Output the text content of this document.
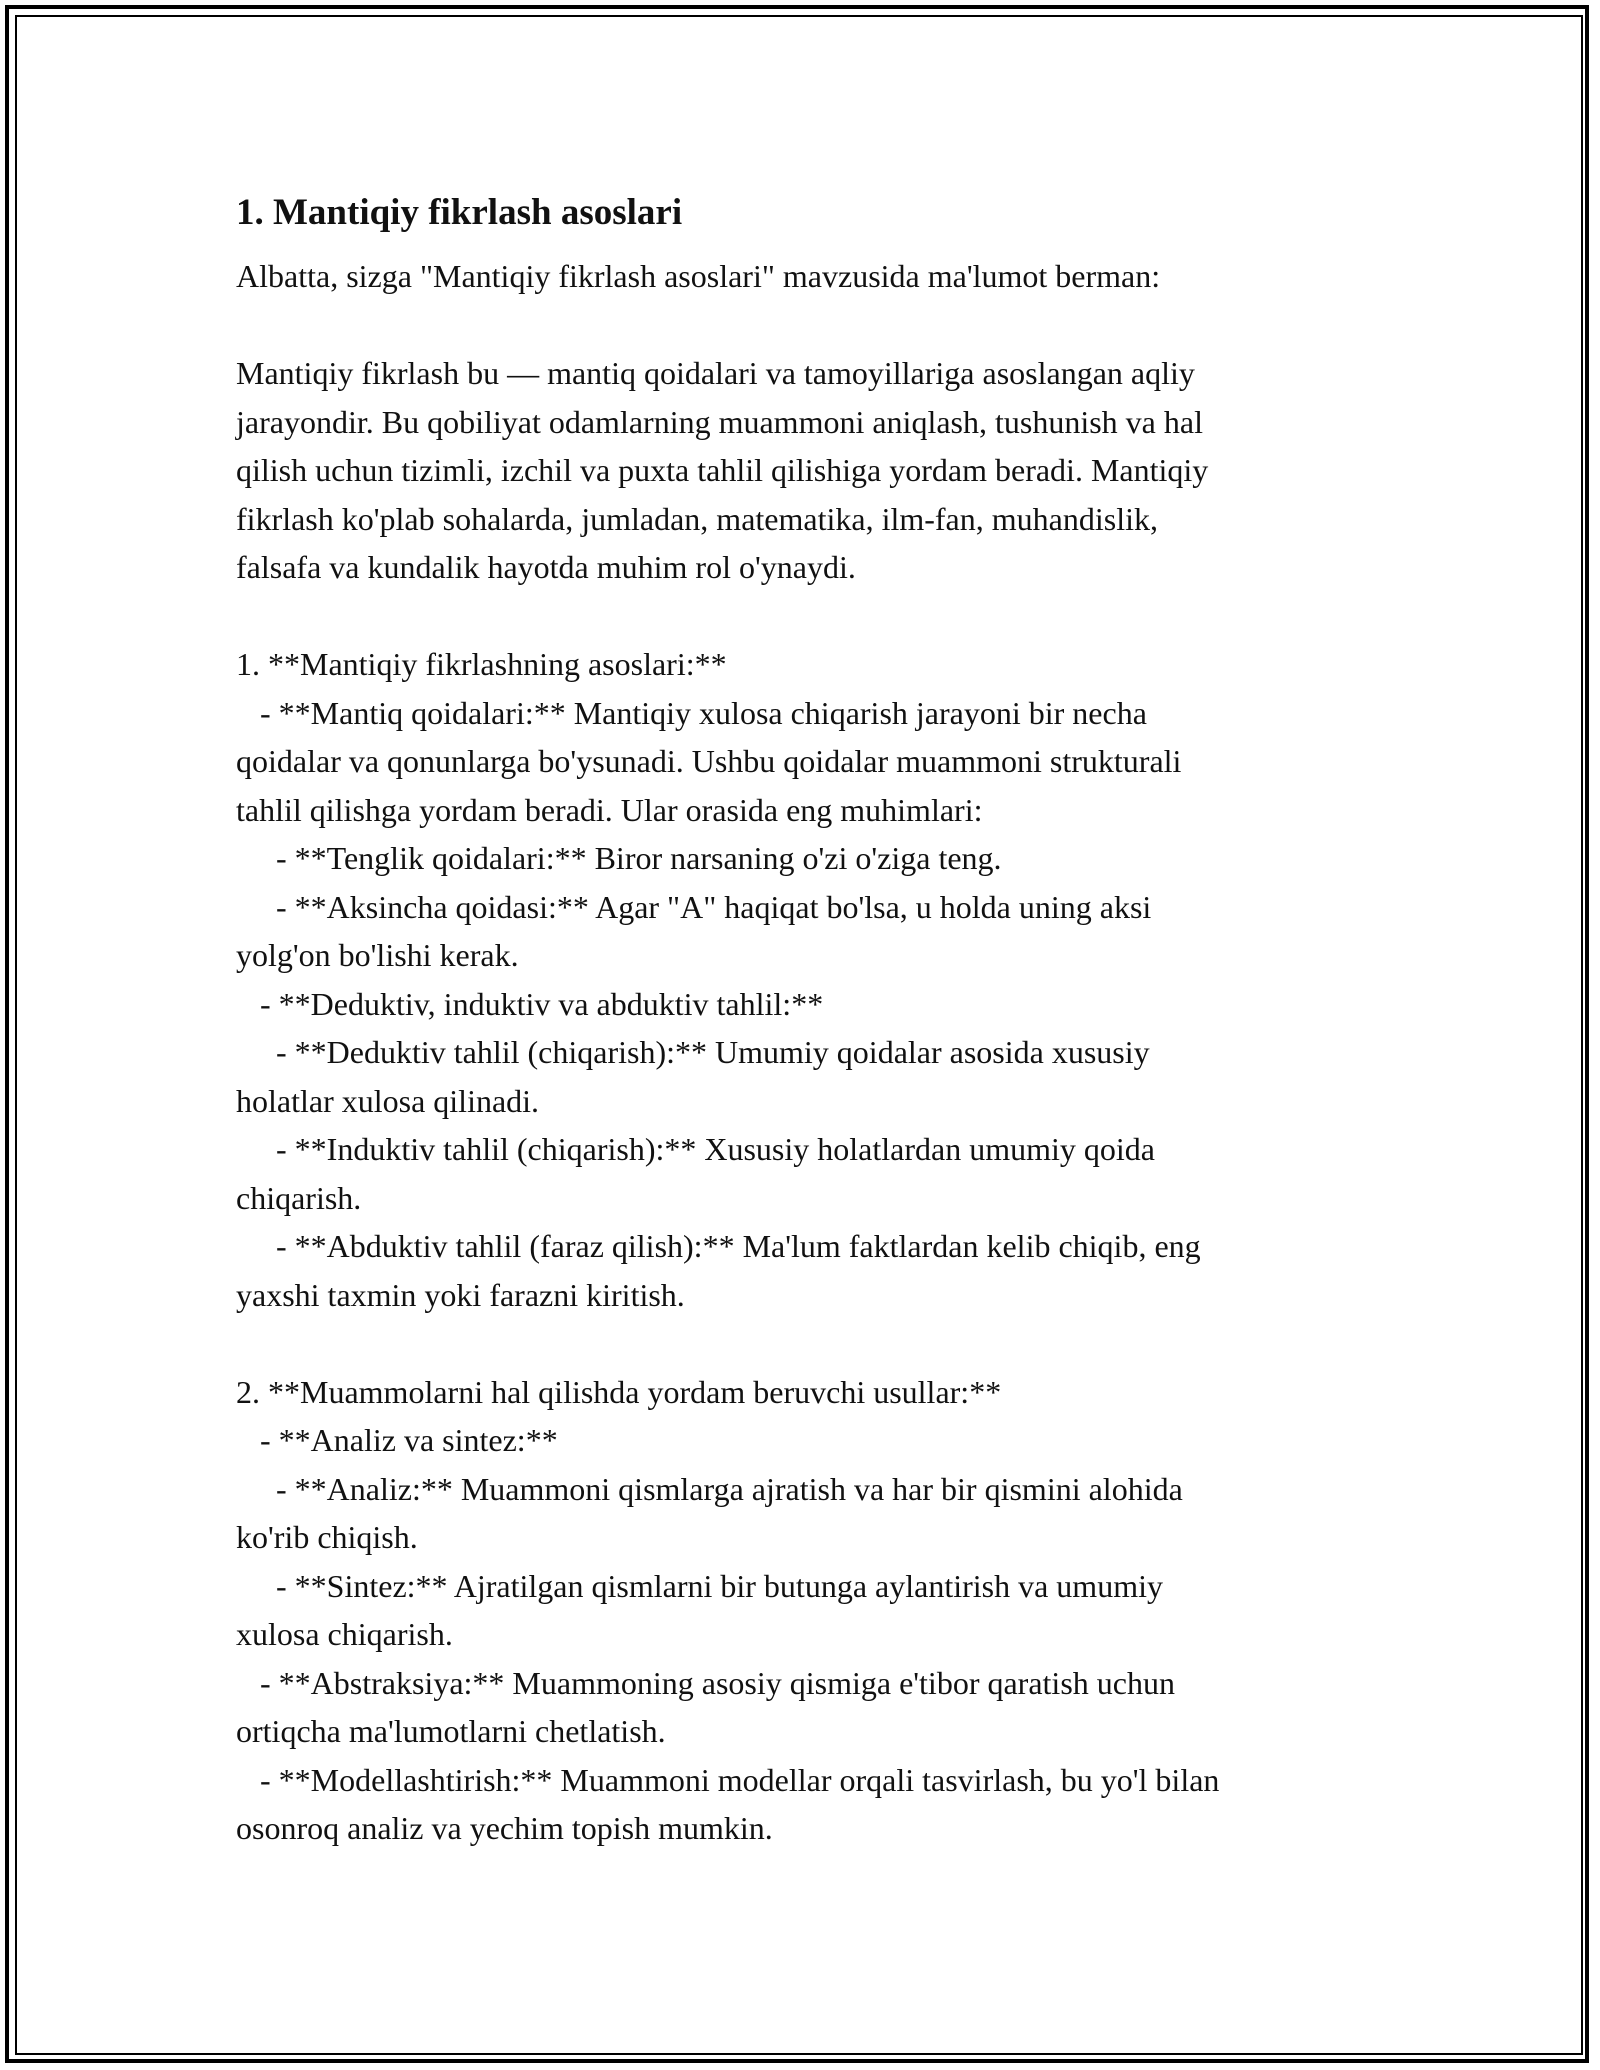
1. Mantiqiy fikrlash asoslari

Albatta, sizga "Mantiqiy fikrlash asoslari" mavzusida ma'lumot berman:

Mantiqiy fikrlash bu — mantiq qoidalari va tamoyillariga asoslangan aqliy

jarayondir. Bu qobiliyat odamlarning muammoni aniqlash, tushunish va hal

qilish uchun tizimli, izchil va puxta tahlil qilishiga yordam beradi. Mantiqiy

fikrlash ko'plab sohalarda, jumladan, matematika, ilm-fan, muhandislik,

falsafa va kundalik hayotda muhim rol o'ynaydi.

1. **Mantiqiy fikrlashning asoslari:**

- **Mantiq qoidalari:** Mantiqiy xulosa chiqarish jarayoni bir necha

qoidalar va qonunlarga bo'ysunadi. Ushbu qoidalar muammoni strukturali

tahlil qilishga yordam beradi. Ular orasida eng muhimlari:

- **Tenglik qoidalari:** Biror narsaning o'zi o'ziga teng.

- **Aksincha qoidasi:** Agar "A" haqiqat bo'lsa, u holda uning aksi

yolg'on bo'lishi kerak.

- **Deduktiv, induktiv va abduktiv tahlil:**

- **Deduktiv tahlil (chiqarish):** Umumiy qoidalar asosida xususiy

holatlar xulosa qilinadi.

- **Induktiv tahlil (chiqarish):** Xususiy holatlardan umumiy qoida

chiqarish.

- **Abduktiv tahlil (faraz qilish):** Ma'lum faktlardan kelib chiqib, eng

yaxshi taxmin yoki farazni kiritish.

2. **Muammolarni hal qilishda yordam beruvchi usullar:**

- **Analiz va sintez:**

- **Analiz:** Muammoni qismlarga ajratish va har bir qismini alohida

ko'rib chiqish.

- **Sintez:** Ajratilgan qismlarni bir butunga aylantirish va umumiy

xulosa chiqarish.

- **Abstraksiya:** Muammoning asosiy qismiga e'tibor qaratish uchun

ortiqcha ma'lumotlarni chetlatish.

- **Modellashtirish:** Muammoni modellar orqali tasvirlash, bu yo'l bilan

osonroq analiz va yechim topish mumkin.
